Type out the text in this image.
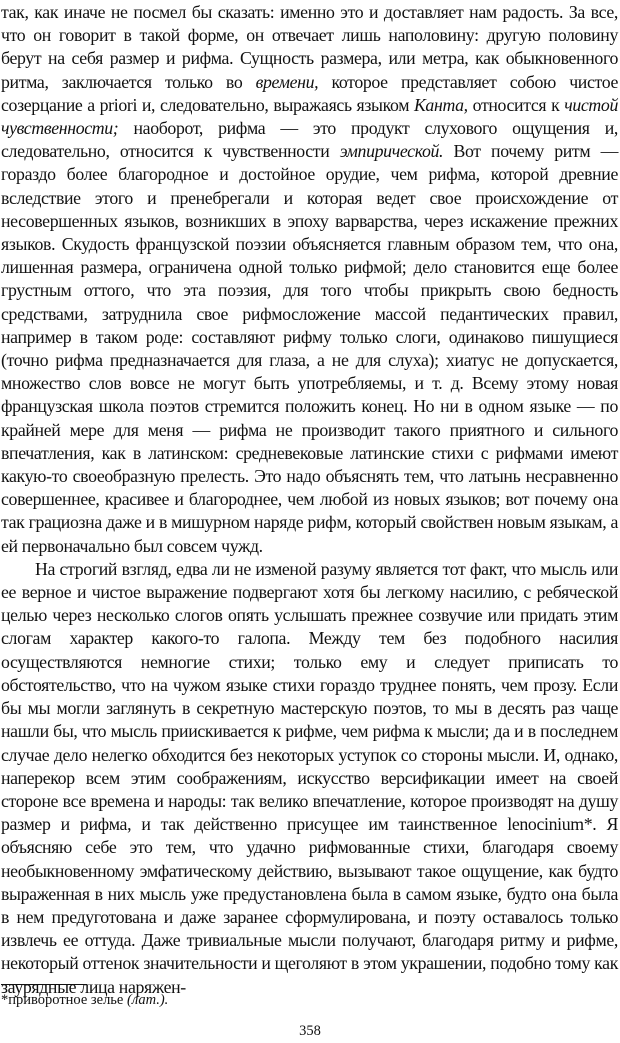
так, как иначе не посмел бы сказать: именно это и доставляет нам радость. За все, что он говорит в такой форме, он отвечает лишь наполовину: другую половину берут на себя размер и рифма. Сущность размера, или метра, как обыкновенного ритма, заключается только во времени, которое представляет собою чистое созерцание a priori и, следовательно, выражаясь языком Канта, относится к чистой чувственности; наоборот, рифма — это продукт слухового ощущения и, следовательно, относится к чувственности эмпирической. Вот почему ритм — гораздо более благородное и достойное орудие, чем рифма, которой древние вследствие этого и пренебрегали и которая ведет свое происхождение от несовершенных языков, возникших в эпоху варварства, через искажение прежних языков. Скудость французской поэзии объясняется главным образом тем, что она, лишенная размера, ограничена одной только рифмой; дело становится еще более грустным оттого, что эта поэзия, для того чтобы прикрыть свою бедность средствами, затруднила свое рифмосложение массой педантических правил, например в таком роде: составляют рифму только слоги, одинаково пишущиеся (точно рифма предназначается для глаза, а не для слуха); хиатус не допускается, множество слов вовсе не могут быть употребляемы, и т. д. Всему этому новая французская школа поэтов стремится положить конец. Но ни в одном языке — по крайней мере для меня — рифма не производит такого приятного и сильного впечатления, как в латинском: средневековые латинские стихи с рифмами имеют какую-то своеобразную прелесть. Это надо объяснять тем, что латынь несравненно совершеннее, красивее и благороднее, чем любой из новых языков; вот почему она так грациозна даже и в мишурном наряде рифм, который свойствен новым языкам, а ей первоначально был совсем чужд.

На строгий взгляд, едва ли не изменой разуму является тот факт, что мысль или ее верное и чистое выражение подвергают хотя бы легкому насилию, с ребяческой целью через несколько слогов опять услышать прежнее созвучие или придать этим слогам характер какого-то галопа. Между тем без подобного насилия осуществляются немногие стихи; только ему и следует приписать то обстоятельство, что на чужом языке стихи гораздо труднее понять, чем прозу. Если бы мы могли заглянуть в секретную мастерскую поэтов, то мы в десять раз чаще нашли бы, что мысль приискивается к рифме, чем рифма к мысли; да и в последнем случае дело нелегко обходится без некоторых уступок со стороны мысли. И, однако, наперекор всем этим соображениям, искусство версификации имеет на своей стороне все времена и народы: так велико впечатление, которое производят на душу размер и рифма, и так действенно присущее им таинственное lenocinium*. Я объясняю себе это тем, что удачно рифмованные стихи, благодаря своему необыкновенному эмфатическому действию, вызывают такое ощущение, как будто выраженная в них мысль уже предустановлена была в самом языке, будто она была в нем предуготована и даже заранее сформулирована, и поэту оставалось только извлечь ее оттуда. Даже тривиальные мысли получают, благодаря ритму и рифме, некоторый оттенок значительности и щеголяют в этом украшении, подобно тому как заурядные лица наряжен-

*приворотное зелье (лат.).

358
